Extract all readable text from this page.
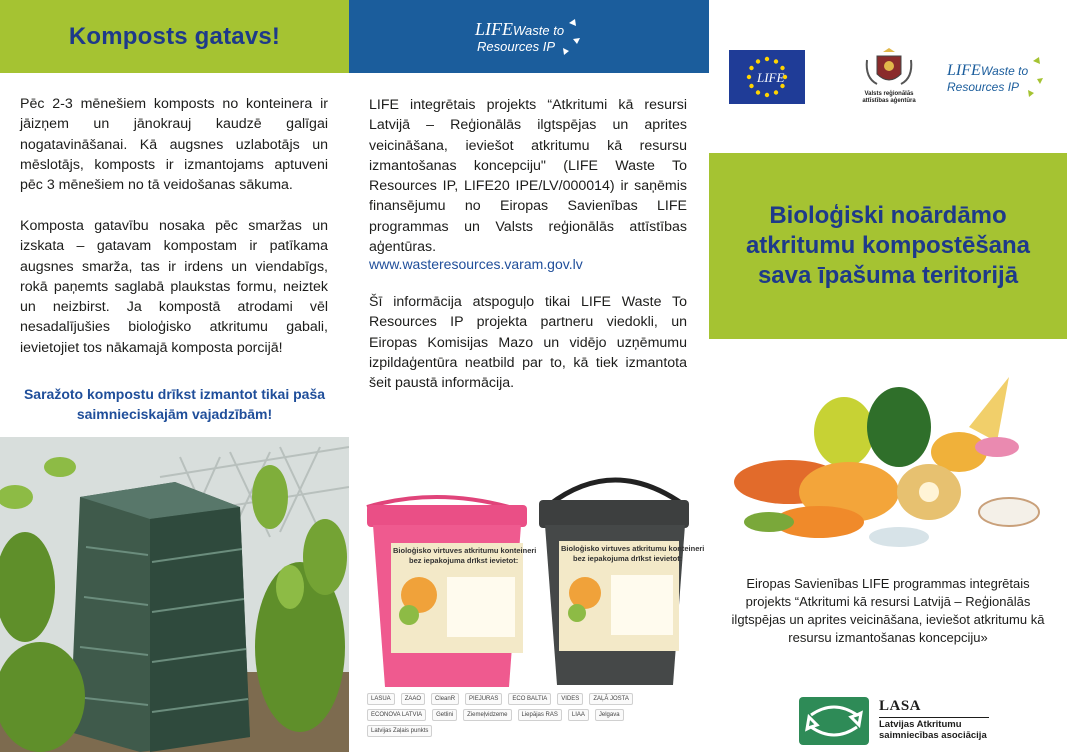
Komposts gatavs!

Pēc 2-3 mēnešiem komposts no konteinera ir jāizņem un jānokrauj kaudzē galīgai nogatavināšanai. Kā augsnes uzlabotājs un mēslotājs, komposts ir izmantojams aptuveni pēc 3 mēnešiem no tā veidošanas sākuma.

Komposta gatavību nosaka pēc smaržas un izskata – gatavam kompostam ir patīkama augsnes smarža, tas ir irdens un viendabīgs, rokā paņemts saglabā plaukstas formu, neiztek un neizbirst. Ja kompostā atrodami vēl nesadalījušies bioloģisko atkritumu gabali, ievietojiet tos nākamajā komposta porcijā!

Saražoto kompostu drīkst izmantot tikai paša saimnieciskajām vajadzībām!

LIFE Waste to
Resources IP

LIFE integrētais projekts “Atkritumi kā resursi Latvijā – Reģionālās ilgtspējas un aprites veicināšana, ieviešot atkritumu kā resursu izmantošanas koncepciju" (LIFE Waste To Resources IP, LIFE20 IPE/LV/000014) ir saņēmis finansējumu no Eiropas Savienības LIFE programmas un Valsts reģionālās attīstības aģentūras.

www.wasteresources.varam.gov.lv

Šī informācija atspoguļo tikai LIFE Waste To Resources IP projekta partneru viedokli, un Eiropas Komisijas Mazo un vidējo uzņēmumu izpildaģentūra neatbild par to, kā tiek izmantota šeit paustā informācija.

Bioloģisko virtuves atkritumu konteineri
bez iepakojuma drīkst ievietot:
Bioloģisko virtuves atkritumu konteineri
bez iepakojuma drīkst ievietot:
LASUA	ZAAO	CleanR	PIEJURAS	ECO BALTIA	VIDES	ZAĻĀ JOSTA
ECONOVA LATVIA	Getlini	Ziemeļvidzeme	Liepājas RAS	LIAA	Jelgava
Latvijas Zaļais punkts
LIFE
Valsts reģionālās
attīstības aģentūra
LIFE Waste to
Resources IP
Bioloģiski noārdāmo atkritumu kompostēšana sava īpašuma teritorijā

Eiropas Savienības LIFE programmas integrētais projekts “Atkritumi kā resursi Latvijā – Reģionālās ilgtspējas un aprites veicināšana, ieviešot atkritumu kā resursu izmantošanas koncepciju»

LASA
Latvijas Atkritumu
saimniecības asociācija
